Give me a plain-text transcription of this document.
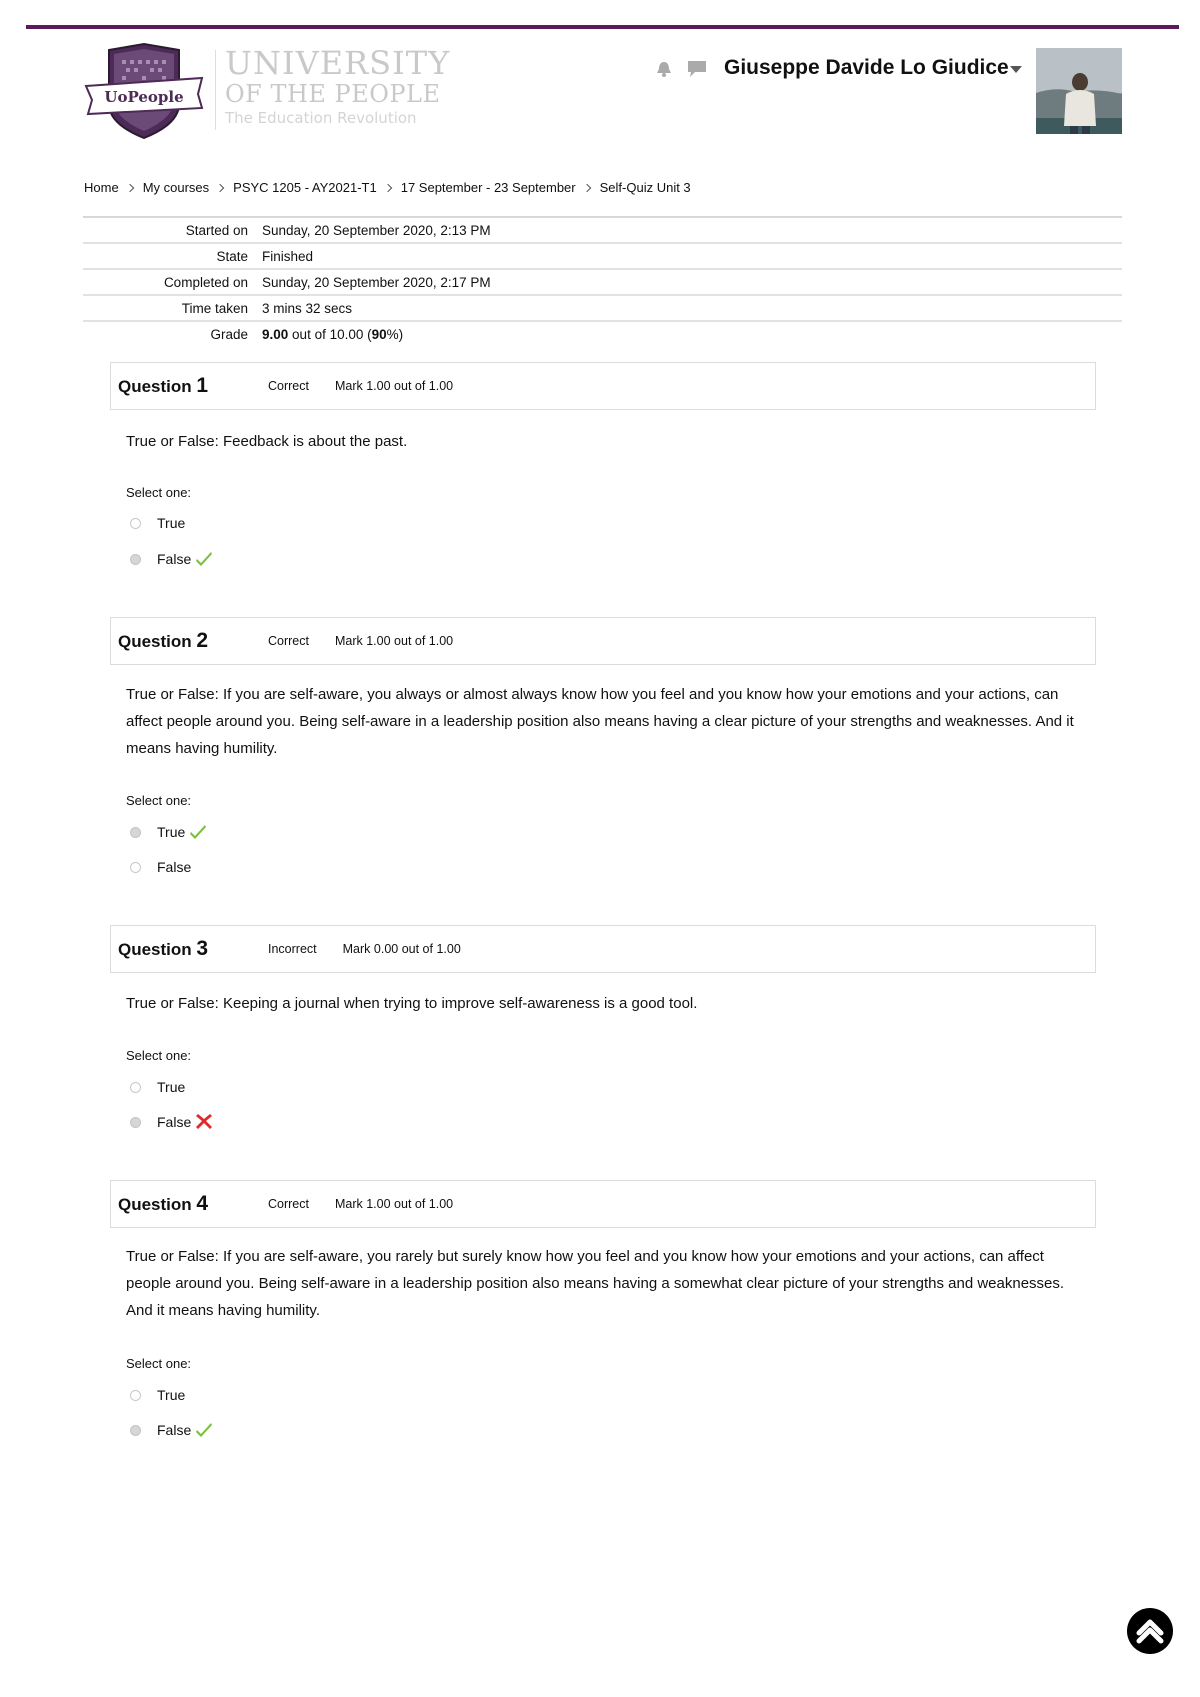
UoPeople
UNIVERSITY
OF THE PEOPLE
The Education Revolution
Giuseppe Davide Lo Giudice
Home My courses PSYC 1205 - AY2021-T1 17 September - 23 September Self-Quiz Unit 3
Started on Sunday, 20 September 2020, 2:13 PM
State Finished
Completed on Sunday, 20 September 2020, 2:17 PM
Time taken 3 mins 32 secs
Grade 9.00 out of 10.00 (90%)
Question 1	Correct Mark 1.00 out of 1.00
True or False: Feedback is about the past.
Select one:
True
False
Question 2	Correct Mark 1.00 out of 1.00
True or False: If you are self-aware, you always or almost always know how you feel and you know how your emotions and your actions, can affect people around you. Being self-aware in a leadership position also means having a clear picture of your strengths and weaknesses. And it means having humility.
Select one:
True
False
Question 3	Incorrect Mark 0.00 out of 1.00
True or False: Keeping a journal when trying to improve self-awareness is a good tool.
Select one:
True
False
Question 4	Correct Mark 1.00 out of 1.00
True or False: If you are self-aware, you rarely but surely know how you feel and you know how your emotions and your actions, can affect people around you. Being self-aware in a leadership position also means having a somewhat clear picture of your strengths and weaknesses. And it means having humility.
Select one:
True
False
